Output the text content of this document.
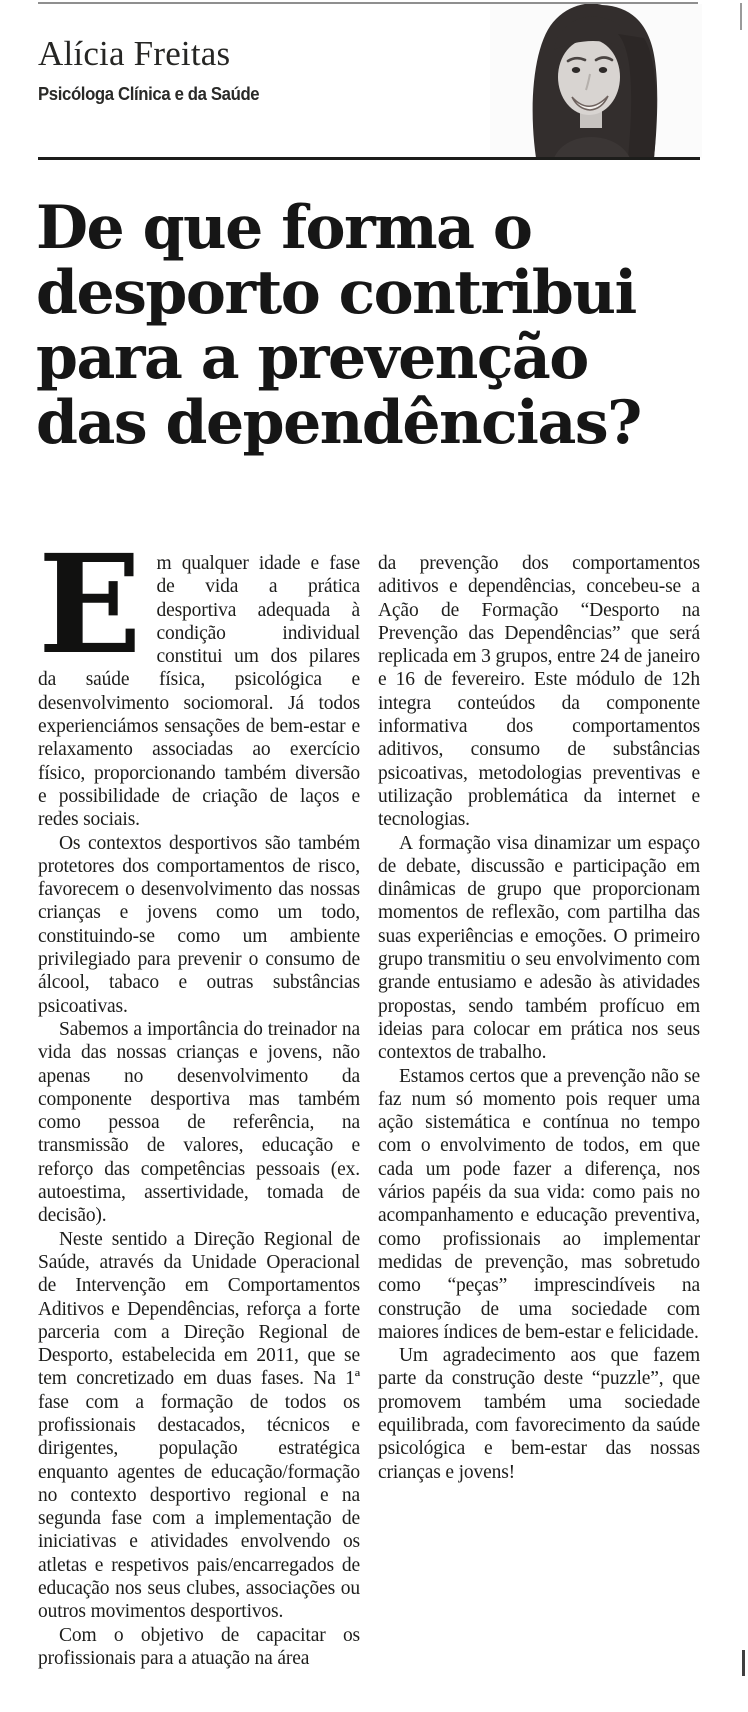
Alícia Freitas
Psicóloga Clínica e da Saúde
De que forma o
desporto contribui
para a prevenção
das dependências?

Em qualquer idade e fase de vida a prática desportiva adequada à condição individual constitui um dos pilares da saúde física, psicológica e desenvolvimento sociomoral. Já todos experienciámos sensações de bem-estar e relaxamento associadas ao exercício físico, proporcionando também diversão e possibilidade de criação de laços e redes sociais.

Os contextos desportivos são também protetores dos comportamentos de risco, favorecem o desenvolvimento das nossas crianças e jovens como um todo, constituindo-se como um ambiente privilegiado para prevenir o consumo de álcool, tabaco e outras substâncias psicoativas.

Sabemos a importância do treinador na vida das nossas crianças e jovens, não apenas no desenvolvimento da componente desportiva mas também como pessoa de referência, na transmissão de valores, educação e reforço das competências pessoais (ex. autoestima, assertividade, tomada de decisão).

Neste sentido a Direção Regional de Saúde, através da Unidade Operacional de Intervenção em Comportamentos Aditivos e Dependências, reforça a forte parceria com a Direção Regional de Desporto, estabelecida em 2011, que se tem concretizado em duas fases. Na 1ª fase com a formação de todos os profissionais destacados, técnicos e dirigentes, população estratégica enquanto agentes de educação/formação no contexto desportivo regional e na segunda fase com a implementação de iniciativas e atividades envolvendo os atletas e respetivos pais/encarregados de educação nos seus clubes, associações ou outros movimentos desportivos.

Com o objetivo de capacitar os profissionais para a atuação na área

da prevenção dos comportamentos aditivos e dependências, concebeu-se a Ação de Formação “Desporto na Prevenção das Dependências” que será replicada em 3 grupos, entre 24 de janeiro e 16 de fevereiro. Este módulo de 12h integra conteúdos da componente informativa dos comportamentos aditivos, consumo de substâncias psicoativas, metodologias preventivas e utilização problemática da internet e tecnologias.

A formação visa dinamizar um espaço de debate, discussão e participação em dinâmicas de grupo que proporcionam momentos de reflexão, com partilha das suas experiências e emoções. O primeiro grupo transmitiu o seu envolvimento com grande entusiamo e adesão às atividades propostas, sendo também profícuo em ideias para colocar em prática nos seus contextos de trabalho.

Estamos certos que a prevenção não se faz num só momento pois requer uma ação sistemática e contínua no tempo com o envolvimento de todos, em que cada um pode fazer a diferença, nos vários papéis da sua vida: como pais no acompanhamento e educação preventiva, como profissionais ao implementar medidas de prevenção, mas sobretudo como “peças” imprescindíveis na construção de uma sociedade com maiores índices de bem-estar e felicidade.

Um agradecimento aos que fazem parte da construção deste “puzzle”, que promovem também uma sociedade equilibrada, com favorecimento da saúde psicológica e bem-estar das nossas crianças e jovens!
